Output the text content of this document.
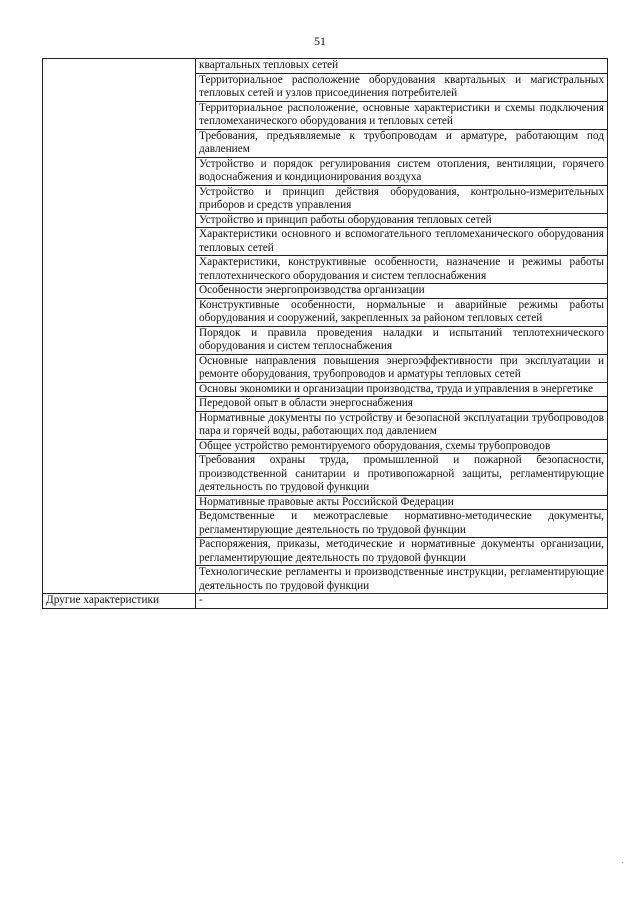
51

	квартальных тепловых сетей

	Территориальное расположение оборудования квартальных и магистральных тепловых сетей и узлов присоединения потребителей

	Территориальное расположение, основные характеристики и схемы подключения тепломеханического оборудования и тепловых сетей

	Требования, предъявляемые к трубопроводам и арматуре, работающим под давлением

	Устройство и порядок регулирования систем отопления, вентиляции, горячего водоснабжения и кондиционирования воздуха

	Устройство и принцип действия оборудования, контрольно-измерительных приборов и средств управления

	Устройство и принцип работы оборудования тепловых сетей

	Характеристики основного и вспомогательного тепломеханического оборудования тепловых сетей

	Характеристики, конструктивные особенности, назначение и режимы работы теплотехнического оборудования и систем теплоснабжения

	Особенности энергопроизводства организации

	Конструктивные особенности, нормальные и аварийные режимы работы оборудования и сооружений, закрепленных за районом тепловых сетей

	Порядок и правила проведения наладки и испытаний теплотехнического оборудования и систем теплоснабжения

	Основные направления повышения энергоэффективности при эксплуатации и ремонте оборудования, трубопроводов и арматуры тепловых сетей

	Основы экономики и организации производства, труда и управления в энергетике

	Передовой опыт в области энергоснабжения

	Нормативные документы по устройству и безопасной эксплуатации трубопроводов пара и горячей воды, работающих под давлением

	Общее устройство ремонтируемого оборудования, схемы трубопроводов

	Требования охраны труда, промышленной и пожарной безопасности, производственной санитарии и противопожарной защиты, регламентирующие деятельность по трудовой функции

	Нормативные правовые акты Российской Федерации

	Ведомственные и межотраслевые нормативно-методические документы, регламентирующие деятельность по трудовой функции

	Распоряжения, приказы, методические и нормативные документы организации, регламентирующие деятельность по трудовой функции

	Технологические регламенты и производственные инструкции, регламентирующие деятельность по трудовой функции

Другие характеристики	-
